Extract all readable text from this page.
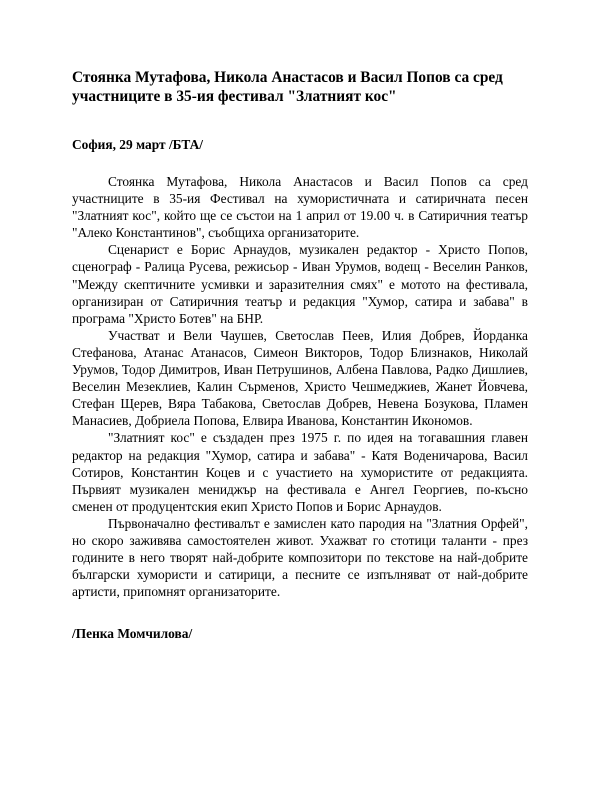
Стоянка Мутафова, Никола Анастасов и Васил Попов са сред участниците в 35-ия фестивал "Златният кос"

София, 29 март /БТА/

Стоянка Мутафова, Никола Анастасов и Васил Попов са сред участниците в 35-ия Фестивал на хумористичната и сатиричната песен "Златният кос", който ще се състои на 1 април от 19.00 ч. в Сатиричния театър "Алеко Константинов", съобщиха организаторите.

Сценарист е Борис Арнаудов, музикален редактор - Христо Попов, сценограф - Ралица Русева, режисьор - Иван Урумов, водещ - Веселин Ранков, "Между скептичните усмивки и заразителния смях" е мотото на фестивала, организиран от Сатиричния театър и редакция "Хумор, сатира и забава" в програма "Христо Ботев" на БНР.

Участват и Вели Чаушев, Светослав Пеев, Илия Добрев, Йорданка Стефанова, Атанас Атанасов, Симеон Викторов, Тодор Близнаков, Николай Урумов, Тодор Димитров, Иван Петрушинов, Албена Павлова, Радко Дишлиев, Веселин Мезеклиев, Калин Сърменов, Христо Чешмеджиев, Жанет Йовчева, Стефан Щерев, Вяра Табакова, Светослав Добрев, Невена Бозукова, Пламен Манасиев, Добриела Попова, Елвира Иванова, Константин Икономов.

"Златният кос" е създаден през 1975 г. по идея на тогавашния главен редактор на редакция "Хумор, сатира и забава" - Катя Воденичарова, Васил Сотиров, Константин Коцев и с участието на хумористите от редакцията. Първият музикален мениджър на фестивала е Ангел Георгиев, по-късно сменен от продуцентския екип Христо Попов и Борис Арнаудов.

Първоначално фестивалът е замислен като пародия на "Златния Орфей", но скоро заживява самостоятелен живот. Ухажват го стотици таланти - през годините в него творят най-добрите композитори по текстове на най-добрите български хумористи и сатирици, а песните се изпълняват от най-добрите артисти, припомнят организаторите.

/Пенка Момчилова/
